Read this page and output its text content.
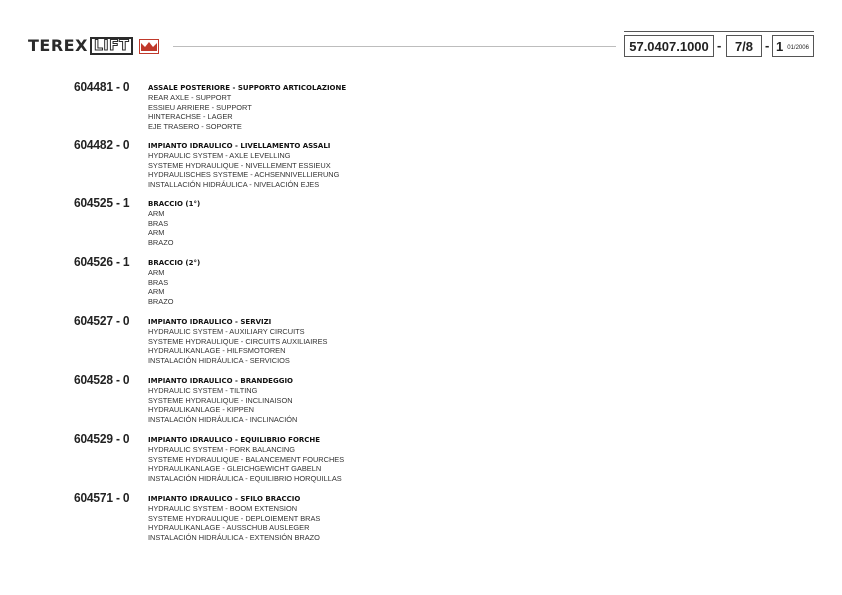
TEREX LIFT	57.0407.1000 - 7/8 - 1 01/2006
604481 - 0	ASSALE POSTERIORE - SUPPORTO ARTICOLAZIONE
REAR AXLE - SUPPORT
ESSIEU ARRIERE - SUPPORT
HINTERACHSE - LAGER
EJE TRASERO - SOPORTE
604482 - 0	IMPIANTO IDRAULICO - LIVELLAMENTO ASSALI
HYDRAULIC SYSTEM - AXLE LEVELLING
SYSTEME HYDRAULIQUE - NIVELLEMENT ESSIEUX
HYDRAULISCHES SYSTEME - ACHSENNIVELLIERUNG
INSTALLACIÓN HIDRÁULICA - NIVELACIÓN EJES
604525 - 1	BRACCIO (1°)
ARM
BRAS
ARM
BRAZO
604526 - 1	BRACCIO (2°)
ARM
BRAS
ARM
BRAZO
604527 - 0	IMPIANTO IDRAULICO - SERVIZI
HYDRAULIC SYSTEM - AUXILIARY CIRCUITS
SYSTEME HYDRAULIQUE - CIRCUITS AUXILIAIRES
HYDRAULIKANLAGE - HILFSMOTOREN
INSTALACIÓN HIDRÁULICA - SERVICIOS
604528 - 0	IMPIANTO IDRAULICO - BRANDEGGIO
HYDRAULIC SYSTEM - TILTING
SYSTEME HYDRAULIQUE - INCLINAISON
HYDRAULIKANLAGE - KIPPEN
INSTALACIÓN HIDRÁULICA - INCLINACIÓN
604529 - 0	IMPIANTO IDRAULICO - EQUILIBRIO FORCHE
HYDRAULIC SYSTEM - FORK BALANCING
SYSTEME HYDRAULIQUE - BALANCEMENT FOURCHES
HYDRAULIKANLAGE - GLEICHGEWICHT GABELN
INSTALACIÓN HIDRÁULICA - EQUILIBRIO HORQUILLAS
604571 - 0	IMPIANTO IDRAULICO - SFILO BRACCIO
HYDRAULIC SYSTEM - BOOM EXTENSION
SYSTEME HYDRAULIQUE - DEPLOIEMENT BRAS
HYDRAULIKANLAGE - AUSSCHUB AUSLEGER
INSTALACIÓN HIDRÁULICA - EXTENSIÓN BRAZO
